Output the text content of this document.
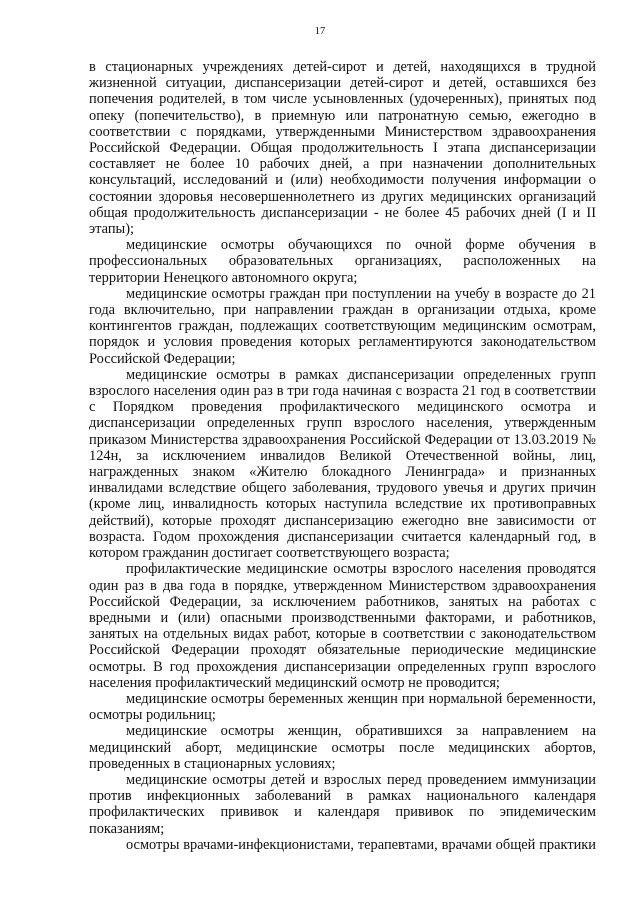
17

в стационарных учреждениях детей-сирот и детей, находящихся в трудной жизненной ситуации, диспансеризации детей-сирот и детей, оставшихся без попечения родителей, в том числе усыновленных (удочеренных), принятых под опеку (попечительство), в приемную или патронатную семью, ежегодно в соответствии с порядками, утвержденными Министерством здравоохранения Российской Федерации. Общая продолжительность I этапа диспансеризации составляет не более 10 рабочих дней, а при назначении дополнительных консультаций, исследований и (или) необходимости получения информации о состоянии здоровья несовершеннолетнего из других медицинских организаций общая продолжительность диспансеризации - не более 45 рабочих дней (I и II этапы);

медицинские осмотры обучающихся по очной форме обучения в профессиональных образовательных организациях, расположенных на территории Ненецкого автономного округа;

медицинские осмотры граждан при поступлении на учебу в возрасте до 21 года включительно, при направлении граждан в организации отдыха, кроме контингентов граждан, подлежащих соответствующим медицинским осмотрам, порядок и условия проведения которых регламентируются законодательством Российской Федерации;

медицинские осмотры в рамках диспансеризации определенных групп взрослого населения один раз в три года начиная с возраста 21 год в соответствии с Порядком проведения профилактического медицинского осмотра и диспансеризации определенных групп взрослого населения, утвержденным приказом Министерства здравоохранения Российской Федерации от 13.03.2019 № 124н, за исключением инвалидов Великой Отечественной войны, лиц, награжденных знаком «Жителю блокадного Ленинграда» и признанных инвалидами вследствие общего заболевания, трудового увечья и других причин (кроме лиц, инвалидность которых наступила вследствие их противоправных действий), которые проходят диспансеризацию ежегодно вне зависимости от возраста. Годом прохождения диспансеризации считается календарный год, в котором гражданин достигает соответствующего возраста;

профилактические медицинские осмотры взрослого населения проводятся один раз в два года в порядке, утвержденном Министерством здравоохранения Российской Федерации, за исключением работников, занятых на работах с вредными и (или) опасными производственными факторами, и работников, занятых на отдельных видах работ, которые в соответствии с законодательством Российской Федерации проходят обязательные периодические медицинские осмотры. В год прохождения диспансеризации определенных групп взрослого населения профилактический медицинский осмотр не проводится;

медицинские осмотры беременных женщин при нормальной беременности, осмотры родильниц;

медицинские осмотры женщин, обратившихся за направлением на медицинский аборт, медицинские осмотры после медицинских абортов, проведенных в стационарных условиях;

медицинские осмотры детей и взрослых перед проведением иммунизации против инфекционных заболеваний в рамках национального календаря профилактических прививок и календаря прививок по эпидемическим показаниям;

осмотры врачами-инфекционистами, терапевтами, врачами общей практики
